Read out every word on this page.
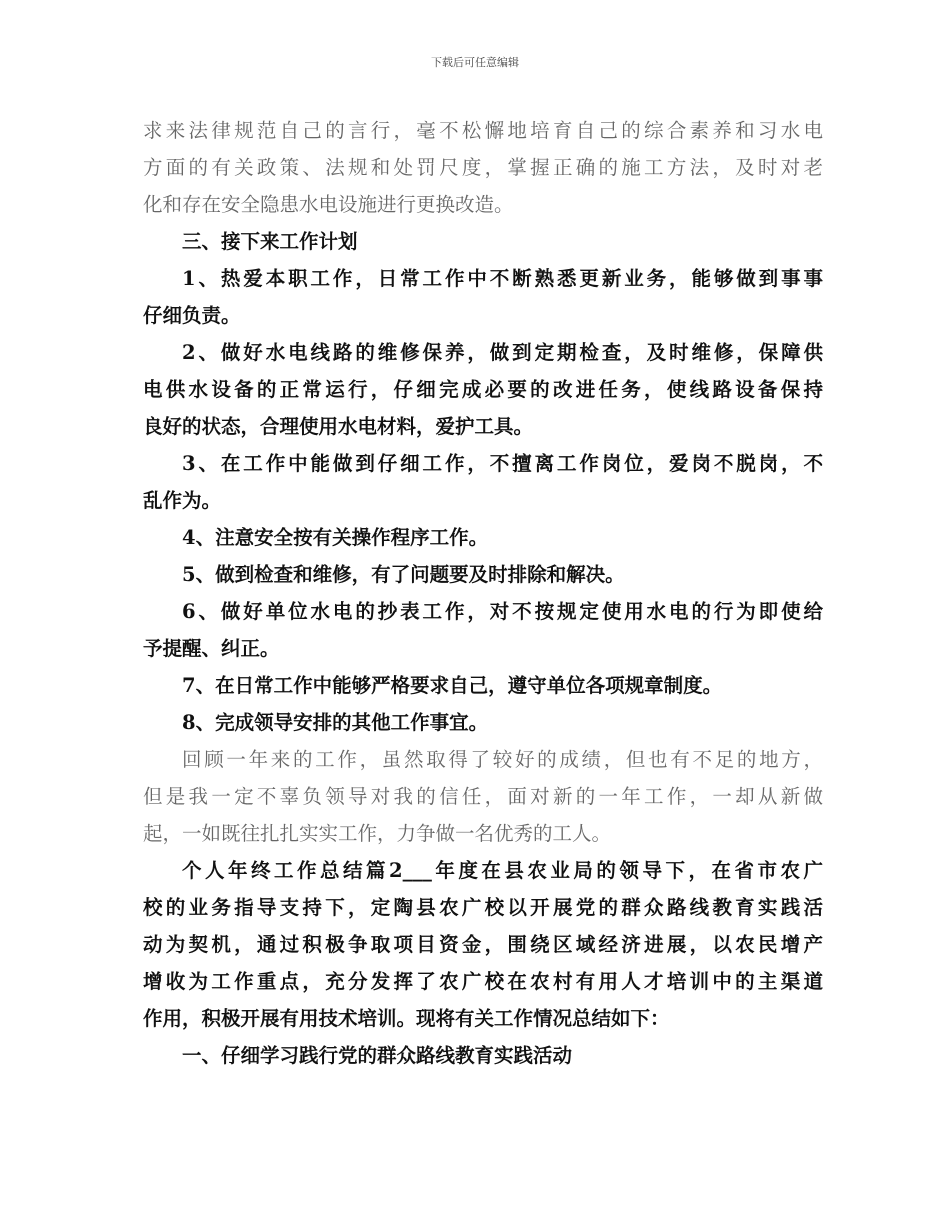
下载后可任意编辑
求来法律规范自己的言行，毫不松懈地培育自己的综合素养和习水电
方面的有关政策、法规和处罚尺度，掌握正确的施工方法，及时对老
化和存在安全隐患水电设施进行更换改造。
三、接下来工作计划
1、热爱本职工作，日常工作中不断熟悉更新业务，能够做到事事
仔细负责。
2、做好水电线路的维修保养，做到定期检查，及时维修，保障供
电供水设备的正常运行，仔细完成必要的改进任务，使线路设备保持
良好的状态，合理使用水电材料，爱护工具。
3、在工作中能做到仔细工作，不擅离工作岗位，爱岗不脱岗，不
乱作为。
4、注意安全按有关操作程序工作。
5、做到检查和维修，有了问题要及时排除和解决。
6、做好单位水电的抄表工作，对不按规定使用水电的行为即使给
予提醒、纠正。
7、在日常工作中能够严格要求自己，遵守单位各项规章制度。
8、完成领导安排的其他工作事宜。
回顾一年来的工作，虽然取得了较好的成绩，但也有不足的地方，
但是我一定不辜负领导对我的信任，面对新的一年工作，一却从新做
起，一如既往扎扎实实工作，力争做一名优秀的工人。
个人年终工作总结篇2___年度在县农业局的领导下，在省市农广
校的业务指导支持下，定陶县农广校以开展党的群众路线教育实践活
动为契机，通过积极争取项目资金，围绕区域经济进展，以农民增产
增收为工作重点，充分发挥了农广校在农村有用人才培训中的主渠道
作用，积极开展有用技术培训。现将有关工作情况总结如下：
一、仔细学习践行党的群众路线教育实践活动
